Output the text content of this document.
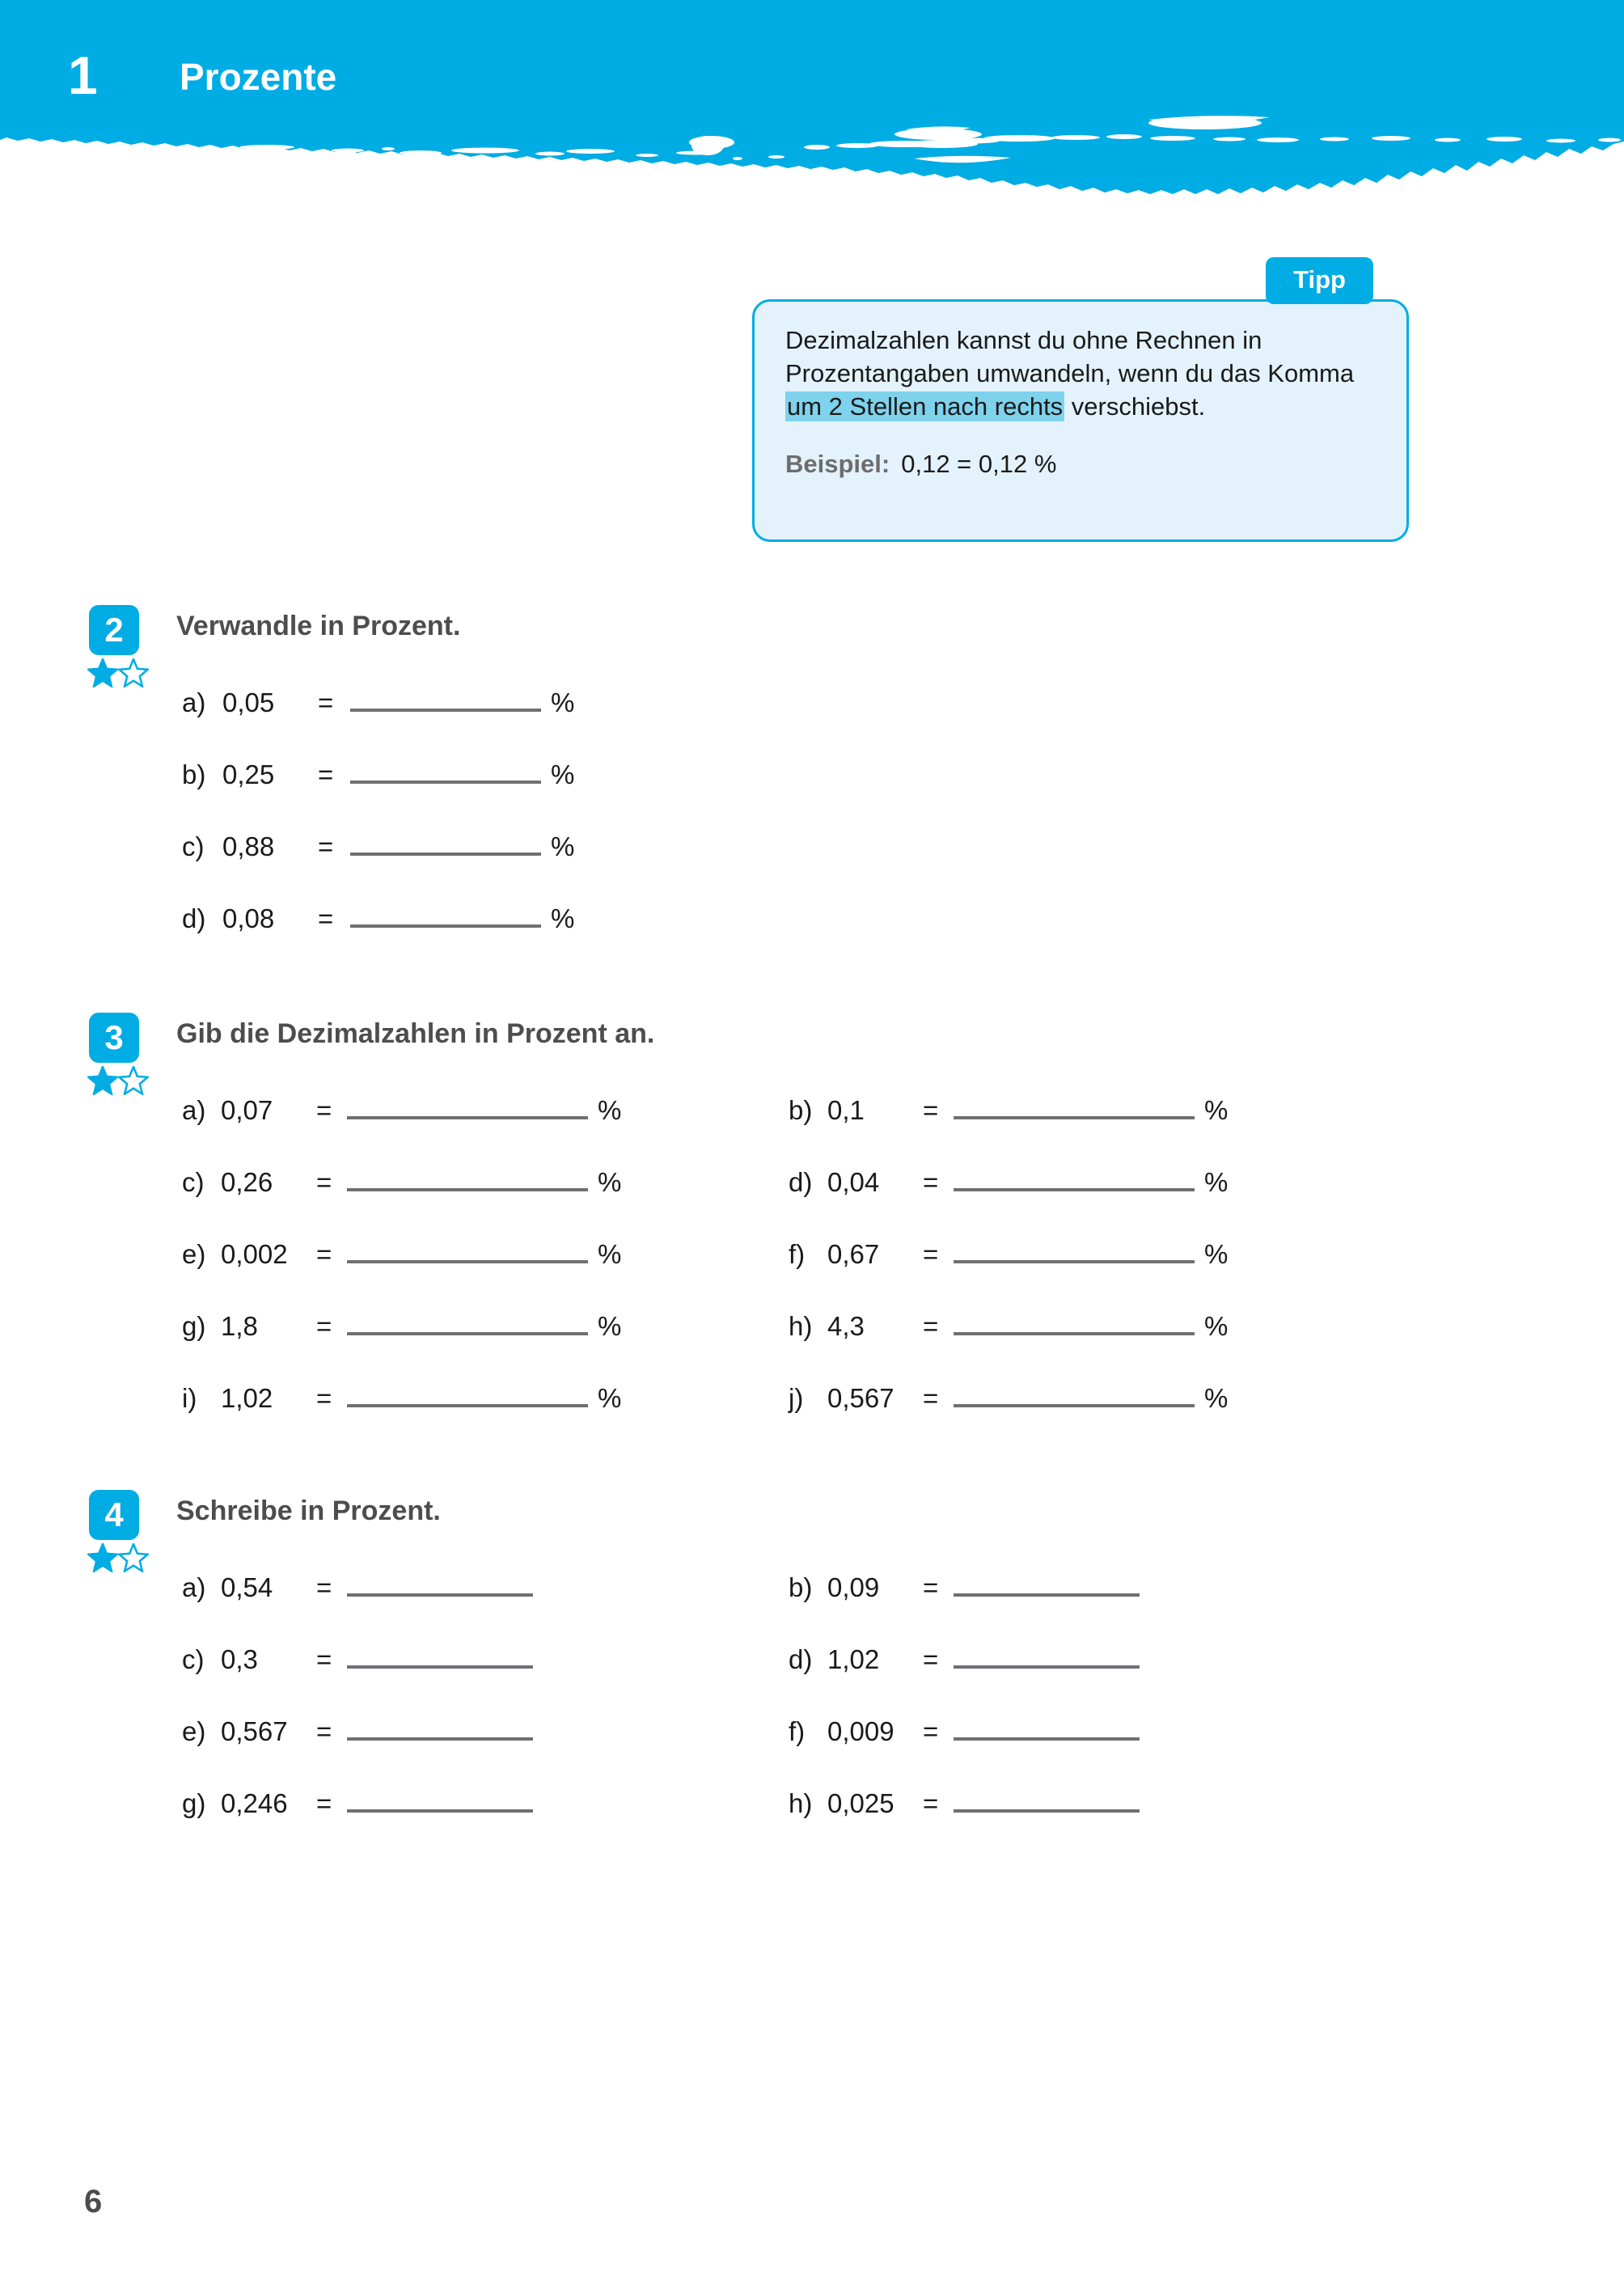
1 Prozente
Tipp

Dezimalzahlen kannst du ohne Rechnen in Prozentangaben umwandeln, wenn du das Komma um 2 Stellen nach rechts verschiebst.

Beispiel: 0,12 = 0,12 %
2	Verwandle in Prozent.
a) 0,05	=	%
b) 0,25	=	%
c) 0,88	=	%
d) 0,08	=	%
3	Gib die Dezimalzahlen in Prozent an.
a) 0,07	=	%	b) 0,1	=	%
c) 0,26	=	%	d) 0,04	=	%
e) 0,002	=	%	f) 0,67	=	%
g) 1,8	=	%	h) 4,3	=	%
i) 1,02	=	%	j) 0,567	=	%
4	Schreibe in Prozent.
a) 0,54	=	b) 0,09	=
c) 0,3	=	d) 1,02	=
e) 0,567	=	f) 0,009	=
g) 0,246	=	h) 0,025	=
6
